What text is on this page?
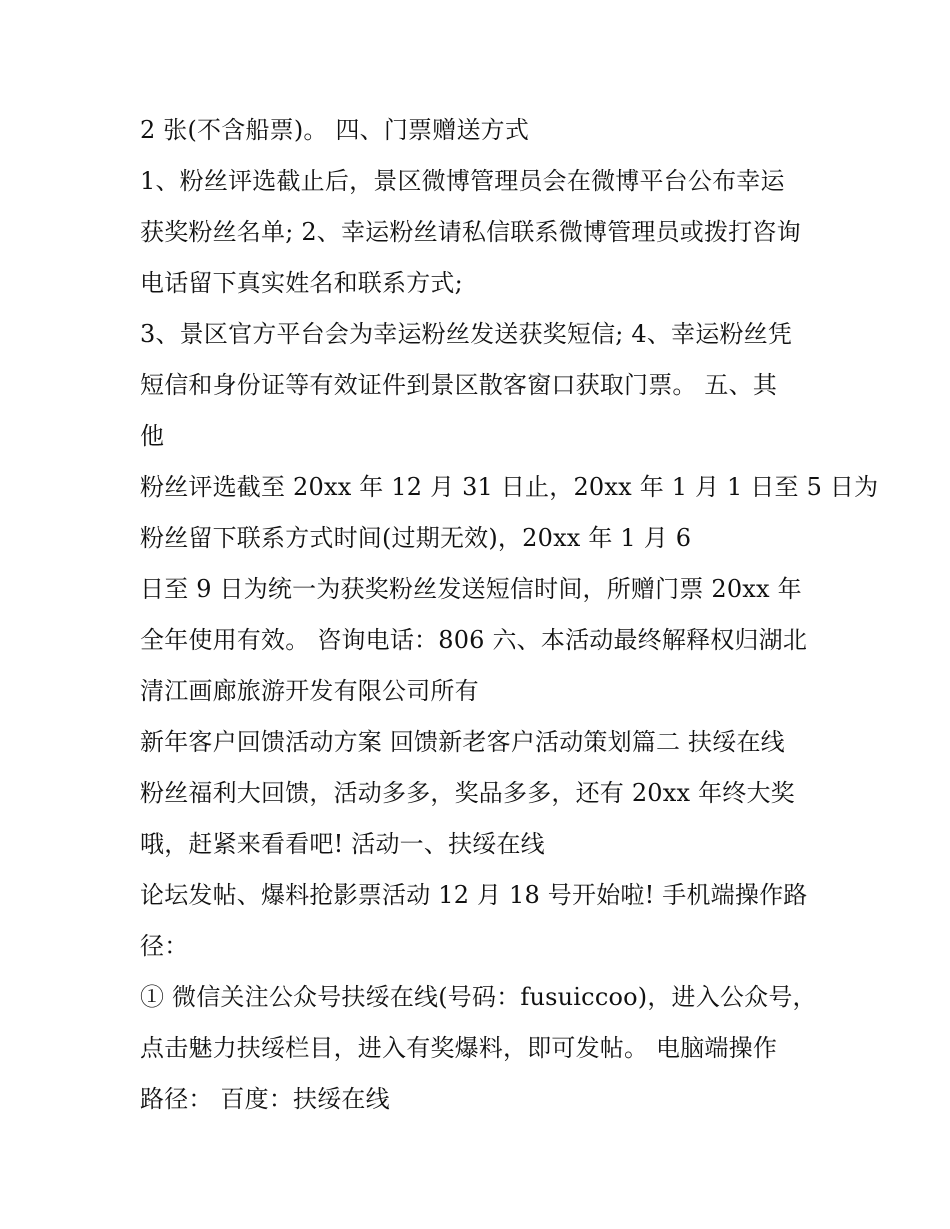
2 张(不含船票)。 四、门票赠送方式
1、粉丝评选截止后，景区微博管理员会在微博平台公布幸运
获奖粉丝名单; 2、幸运粉丝请私信联系微博管理员或拨打咨询
电话留下真实姓名和联系方式;
3、景区官方平台会为幸运粉丝发送获奖短信; 4、幸运粉丝凭
短信和身份证等有效证件到景区散客窗口获取门票。 五、其
他
粉丝评选截至 20xx 年 12 月 31 日止，20xx 年 1 月 1 日至 5 日为
粉丝留下联系方式时间(过期无效)，20xx 年 1 月 6
日至 9 日为统一为获奖粉丝发送短信时间，所赠门票 20xx 年
全年使用有效。 咨询电话：806 六、本活动最终解释权归湖北
清江画廊旅游开发有限公司所有
新年客户回馈活动方案 回馈新老客户活动策划篇二 扶绥在线
粉丝福利大回馈，活动多多，奖品多多，还有 20xx 年终大奖
哦，赶紧来看看吧! 活动一、扶绥在线
论坛发帖、爆料抢影票活动 12 月 18 号开始啦! 手机端操作路
径：
① 微信关注公众号扶绥在线(号码：fusuiccoo)，进入公众号，
点击魅力扶绥栏目，进入有奖爆料，即可发帖。 电脑端操作
路径： 百度：扶绥在线
